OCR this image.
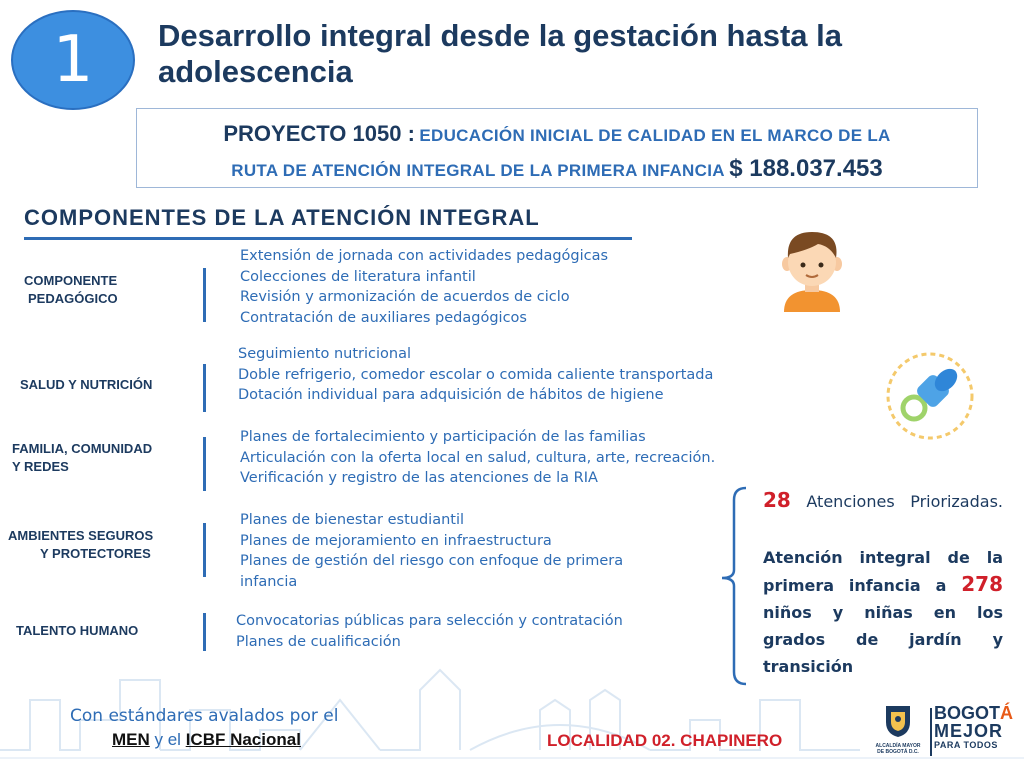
1	Desarrollo integral desde la gestación hasta la adolescencia
PROYECTO 1050 : EDUCACIÓN INICIAL DE CALIDAD EN EL MARCO DE LA
RUTA DE ATENCIÓN INTEGRAL DE LA PRIMERA INFANCIA $ 188.037.453
COMPONENTES DE LA ATENCIÓN INTEGRAL
COMPONENTE
PEDAGÓGICO
Extensión de jornada con actividades pedagógicas
Colecciones de literatura infantil
Revisión y armonización de acuerdos de ciclo
Contratación de auxiliares pedagógicos
SALUD Y NUTRICIÓN
Seguimiento nutricional
Doble refrigerio, comedor escolar o comida caliente transportada
Dotación individual para adquisición de hábitos de higiene
FAMILIA, COMUNIDAD
Y REDES
Planes de fortalecimiento y participación de las familias
Articulación con la oferta local en salud, cultura, arte, recreación.
Verificación y registro de las atenciones de la RIA
AMBIENTES SEGUROS
Y PROTECTORES
Planes de bienestar estudiantil
Planes de mejoramiento en infraestructura
Planes de gestión del riesgo con enfoque de primera
infancia
TALENTO HUMANO
Convocatorias públicas para selección y contratación
Planes de cualificación
28 Atenciones Priorizadas.
Atención integral de la primera infancia a 278 niños y niñas en los grados de jardín y transición
Con estándares avalados por el
MEN y el ICBF Nacional	LOCALIDAD 02. CHAPINERO	ALCALDÍA MAYOR
DE BOGOTÁ D.C.
BOGOTÁ
MEJOR
PARA TODOS
